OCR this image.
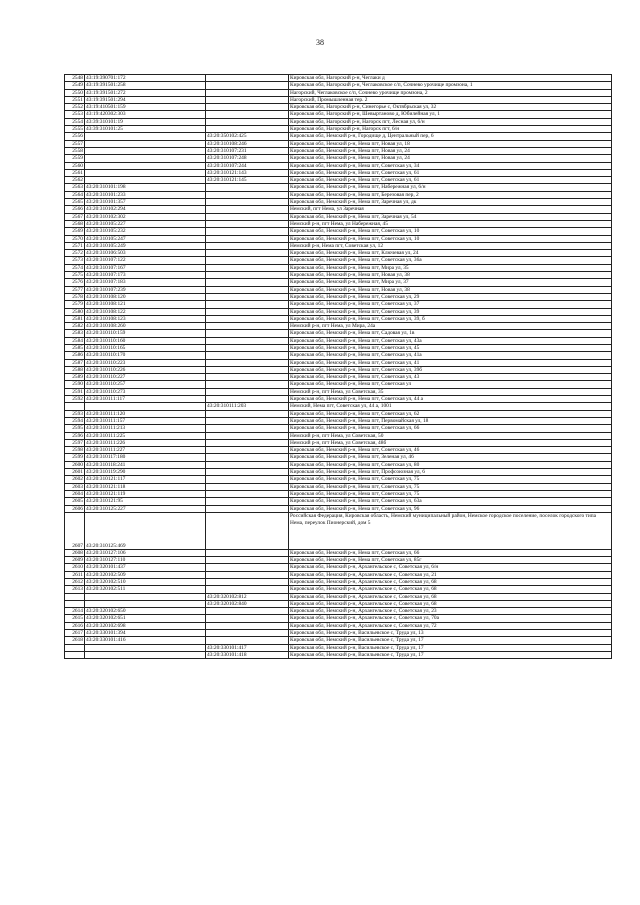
38
2548	43:19:390701:172		Кировская обл, Нагорский р-н, Чеглаки д
2549	43:19:391501:258		Кировская обл, Нагорский р-н, Чеглаковское с/п, Сочнево урочище промзона, 1
2550	43:19:391501:272		Нагорский, Чеглаковское с/п, Сочнево урочище промзона, 2
2551	43:19:391501:294		Нагорский, Промышленная тер. 2
2552	43:19:410501:159		Кировская обл, Нагорский р-н, Синегорье с, Октябрьская ул, 32
2553	43:19:420302:303		Кировская обл, Нагорский р-н, Шевыртаново д, Юбилейная ул, 1
2554	43:39:310101:19		Кировская обл, Нагорский р-н, Нагорск пгт, Лесная ул, 6/н
2555	43:39:310101:25		Кировская обл, Нагорский р-н, Нагорск пгт, 6/н
2556		43:20:350102:425	Кировская обл, Немский р-н, Городище д, Центральный пер, 6
2557		43:20:310108:246	Кировская обл, Немский р-н, Нема пгт, Новая ул, 18
2558		43:20:310107:231	Кировская обл, Немский р-н, Нема пгт, Новая ул, 24
2559		43:20:310107:248	Кировская обл, Немский р-н, Нема пгт, Новая ул, 24
2560		43:20:310107:244	Кировская обл, Немский р-н, Нема пгт, Советская ул, 34
2561		43:20:310121:143	Кировская обл, Немский р-н, Нема пгт, Советская ул, 61
2562		43:20:310121:145	Кировская обл, Немский р-н, Нема пгт, Советская ул, 61
2563	43:20:310101:198		Кировская обл, Немский р-н, Нема пгт, Набережная ул, 6/н
2564	43:20:310101:233		Кировская обл, Немский р-н, Нема пгт, Березовая пер, 2
2565	43:20:310101:357		Кировская обл, Немский р-н, Нема пгт, Заречная ул, дк
2566	43:20:310102:294		Немский, пгт Нема, ул Заречная
2567	43:20:310102:302		Кировская обл, Немский р-н, Нема пгт, Заречная ул, 54
2568	43:20:310105:227		Немский р-н, пгт Нема, ул Набережная, 45
2569	43:20:310105:232		Кировская обл, Немский р-н, Нема пгт, Советская ул, 10
2570	43:20:310105:247		Кировская обл, Немский р-н, Нема пгт, Советская ул, 10
2571	43:20:310105:249		Немский р-н, Нема пгт, Советская ул, 12
2572	43:20:310106:503		Кировская обл, Немский р-н, Нема пгт, Ключевая ул, 24
2573	43:20:310107:122		Кировская обл, Немский р-н, Нема пгт, Советская ул, 36а
2574	43:20:310107:167		Кировская обл, Немский р-н, Нема пгт, Мира ул, 35
2575	43:20:310107:173		Кировская обл, Немский р-н, Нема пгт, Новая ул, 38
2576	43:20:310107:183		Кировская обл, Немский р-н, Нема пгт, Мира ул, 37
2577	43:20:310107:239		Кировская обл, Немский р-н, Нема пгт, Новая ул, 38
2578	43:20:310108:120		Кировская обл, Немский р-н, Нема пгт, Советская ул, 29
2579	43:20:310108:121		Кировская обл, Немский р-н, Нема пгт, Советская ул, 37
2580	43:20:310108:122		Кировская обл, Немский р-н, Нема пгт, Советская ул, 39
2581	43:20:310108:123		Кировская обл, Немский р-н, Нема пгт, Советская ул, 39, б
2582	43:20:310108:260		Немский р-н, пгт Нема, ул Мира, 24а
2583	43:20:310110:159		Кировская обл, Немский р-н, Нема пгт, Садовая ул, 1в
2584	43:20:310110:160		Кировская обл, Немский р-н, Нема пгт, Советская ул, 43а
2585	43:20:310110:165		Кировская обл, Немский р-н, Нема пгт, Советская ул, 45
2586	43:20:310110:170		Кировская обл, Немский р-н, Нема пгт, Советская ул, 41а
2587	43:20:310110:223		Кировская обл, Немский р-н, Нема пгт, Советская ул, 41
2588	43:20:310110:226		Кировская обл, Немский р-н, Нема пгт, Советская ул, 39б
2589	43:20:310110:227		Кировская обл, Немский р-н, Нема пгт, Советская ул, 43
2590	43:20:310110:257		Кировская обл, Немский р-н, Нема пгт, Советская ул
2591	43:20:310110:273		Немский р-н, пгт Нема, ул Советская, 35
2592	43:20:310111:117		Кировская обл, Немский р-н, Нема пгт, Советская ул, 44 а
		43:20:310111:203	Немский, Нема пгт, Советская ул, 44 а, 1001
2593	43:20:310111:120		Кировская обл, Немский р-н, Нема пгт, Советская ул, 62
2594	43:20:310111:157		Кировская обл, Немский р-н, Нема пгт, Первомайская ул, 18
2595	43:20:310111:213		Кировская обл, Немский р-н, Нема пгт, Советская ул, 66
2596	43:20:310111:225		Немский р-н, пгт Нема, ул Советская, 50
2597	43:20:310111:226		Немский р-н, пгт Нема, ул Советская, 48б
2598	43:20:310111:227		Кировская обл, Немский р-н, Нема пгт, Советская ул, 46
2599	43:20:310117:180		Кировская обл, Немский р-н, Нема пгт, Зеленая ул, 46
2600	43:20:310118:241		Кировская обл, Немский р-н, Нема пгт, Советская ул, 80
2601	43:20:310119:290		Кировская обл, Немский р-н, Нема пгт, Профсоюзная ул, 6
2602	43:20:310121:117		Кировская обл, Немский р-н, Нема пгт, Советская ул, 75
2603	43:20:310121:118		Кировская обл, Немский р-н, Нема пгт, Советская ул, 75
2604	43:20:310121:119		Кировская обл, Немский р-н, Нема пгт, Советская ул, 75
2605	43:20:310121:95		Кировская обл, Немский р-н, Нема пгт, Советская ул, 63а
2606	43:20:310125:227		Кировская обл, Немский р-н, Нема пгт, Советская ул, 96
2607	43:20:310125:469		Российская Федерация, Кировская область, Немский муниципальный район, Немское городское поселение, поселок городского типа Нема, переулок Пионерский, дом 5
2608	43:20:310127:106		Кировская обл, Немский р-н, Нема пгт, Советская ул, 66
2609	43:20:310127:110		Кировская обл, Немский р-н, Нема пгт, Советская ул, 85г
2610	43:20:320101:437		Кировская обл, Немский р-н, Архангельское с, Советская ул, 6/н
2611	43:20:320102:509		Кировская обл, Немский р-н, Архангельское с, Советская ул, 21
2612	43:20:320102:510		Кировская обл, Немский р-н, Архангельское с, Советская ул, 68
2613	43:20:320102:511		Кировская обл, Немский р-н, Архангельское с, Советская ул, 68
		43:20:320102:812	Кировская обл, Немский р-н, Архангельское с, Советская ул, 68
		43:20:320102:840	Кировская обл, Немский р-н, Архангельское с, Советская ул, 68
2614	43:20:320102:650		Кировская обл, Немский р-н, Архангельское с, Советская ул, 23
2615	43:20:320102:651		Кировская обл, Немский р-н, Архангельское с, Советская ул, 70а
2616	43:20:320102:698		Кировская обл, Немский р-н, Архангельское с, Советская ул, 72
2617	43:20:330101:394		Кировская обл, Немский р-н, Васильевское с, Труда ул, 13
2618	43:20:330101:416		Кировская обл, Немский р-н, Васильевское с, Труда ул, 17
		43:20:330101:417	Кировская обл, Немский р-н, Васильевское с, Труда ул, 17
		43:20:330101:418	Кировская обл, Немский р-н, Васильевское с, Труда ул, 17
